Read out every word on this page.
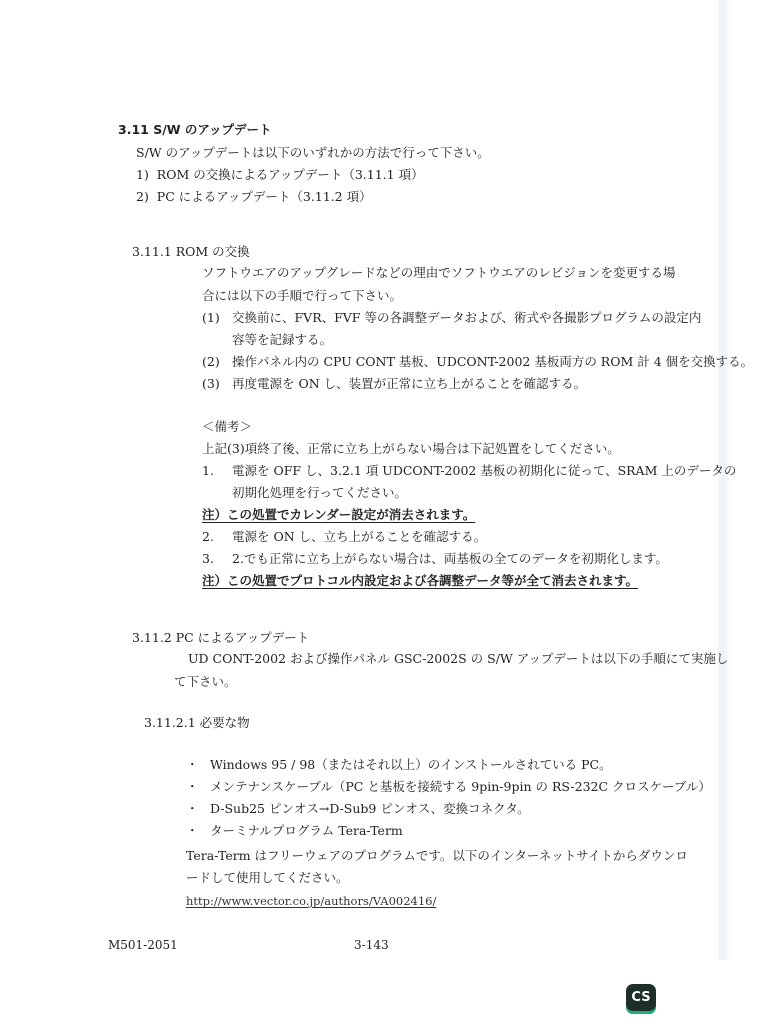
3.11 S/W のアップデート
S/W のアップデートは以下のいずれかの方法で行って下さい。
1) ROM の交換によるアップデート（3.11.1 項）
2) PC によるアップデート（3.11.2 項）
3.11.1 ROM の交換
ソフトウエアのアップグレードなどの理由でソフトウエアのレビジョンを変更する場
合には以下の手順で行って下さい。
(1) 交換前に、FVR、FVF 等の各調整データおよび、術式や各撮影プログラムの設定内
容等を記録する。
(2) 操作パネル内の CPU CONT 基板、UDCONT-2002 基板両方の ROM 計 4 個を交換する。
(3) 再度電源を ON し、装置が正常に立ち上がることを確認する。
＜備考＞
上記(3)項終了後、正常に立ち上がらない場合は下記処置をしてください。
1. 電源を OFF し、3.2.1 項 UDCONT-2002 基板の初期化に従って、SRAM 上のデータの
初期化処理を行ってください。
注）この処置でカレンダー設定が消去されます。
2. 電源を ON し、立ち上がることを確認する。
3. 2.でも正常に立ち上がらない場合は、両基板の全てのデータを初期化します。
注）この処置でプロトコル内設定および各調整データ等が全て消去されます。
3.11.2 PC によるアップデート
UD CONT-2002 および操作パネル GSC-2002S の S/W アップデートは以下の手順にて実施し
て下さい。
3.11.2.1 必要な物
・ Windows 95 / 98（またはそれ以上）のインストールされている PC。
・ メンテナンスケーブル（PC と基板を接続する 9pin-9pin の RS-232C クロスケーブル）
・ D-Sub25 ピンオス→D-Sub9 ピンオス、変換コネクタ。
・ ターミナルプログラム Tera-Term
Tera-Term はフリーウェアのプログラムです。以下のインターネットサイトからダウンロ
ードして使用してください。
http://www.vector.co.jp/authors/VA002416/
M501-2051	3-143
CS
